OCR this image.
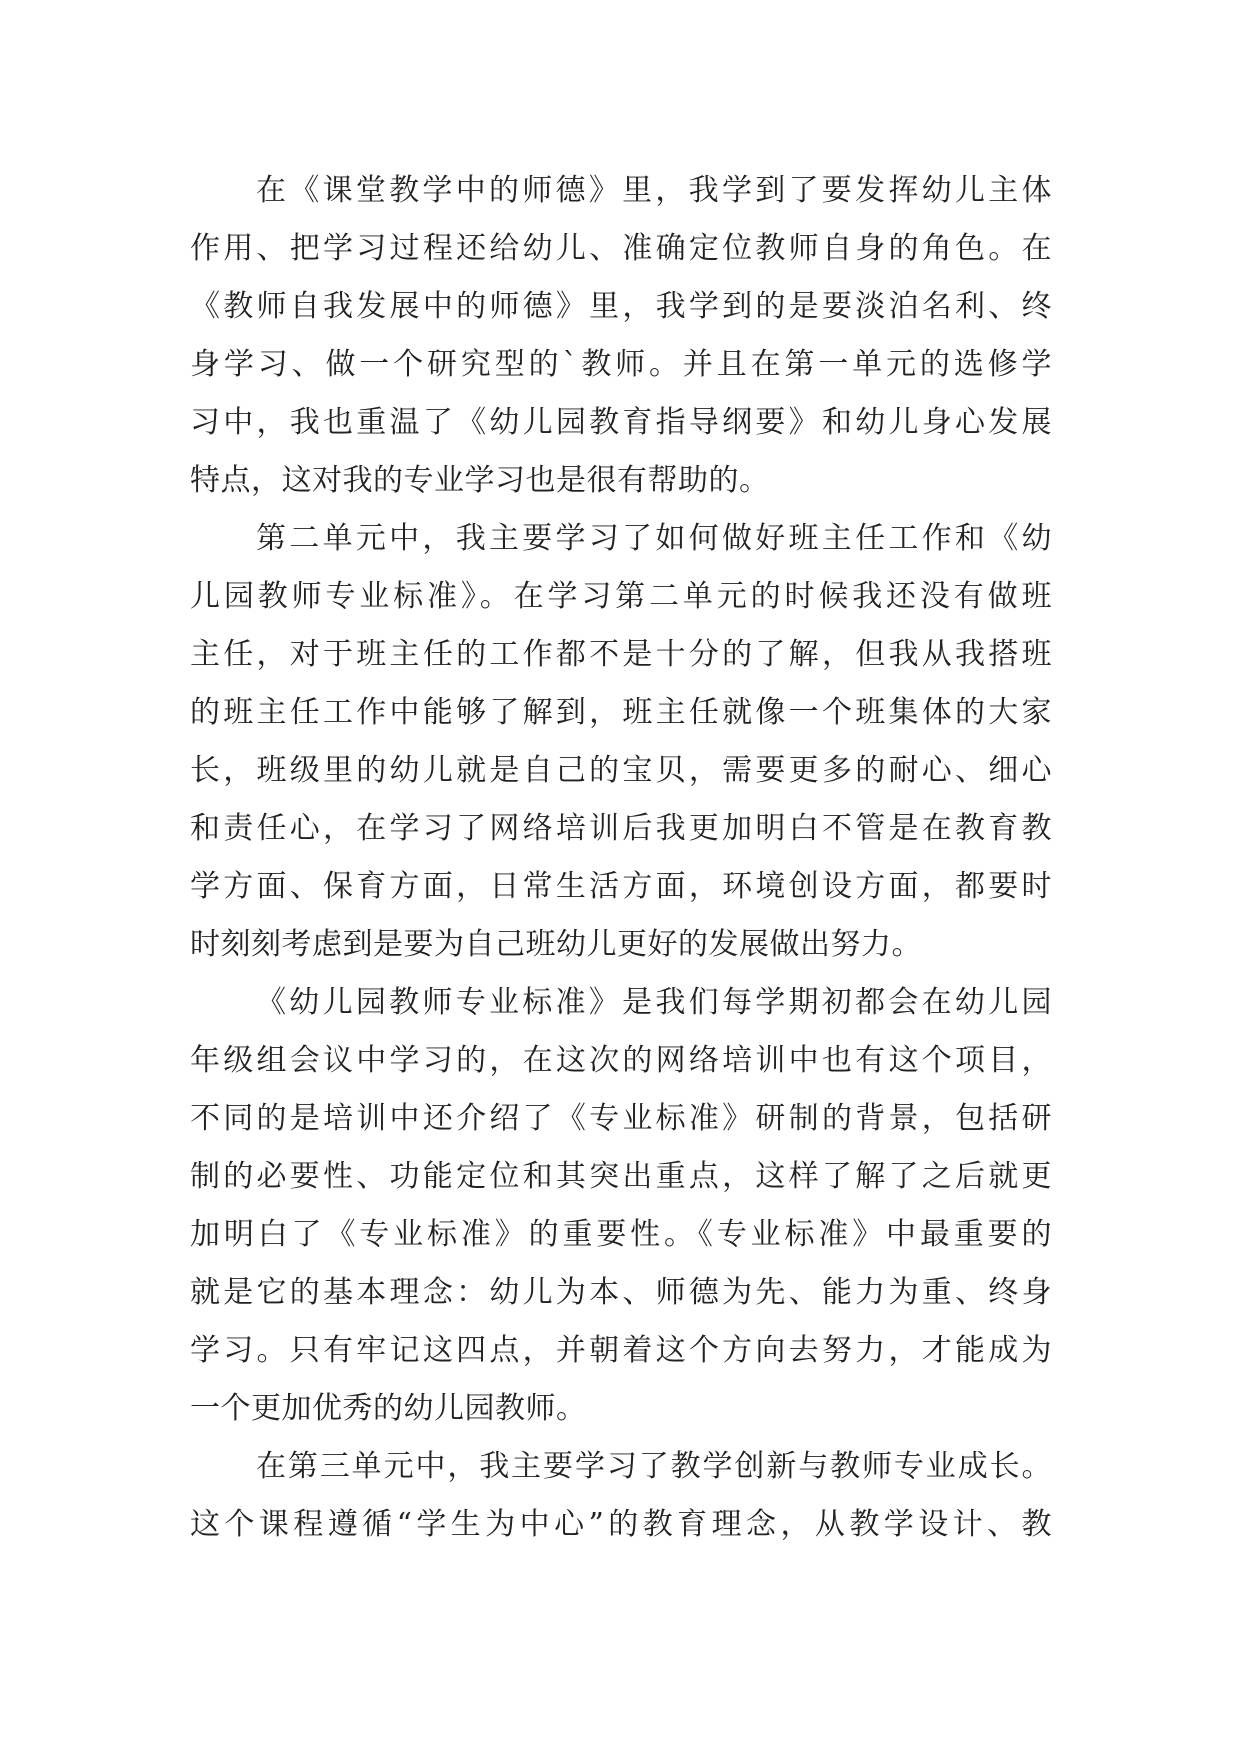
在《课堂教学中的师德》里，我学到了要发挥幼儿主体
作用、把学习过程还给幼儿、准确定位教师自身的角色。在
《教师自我发展中的师德》里，我学到的是要淡泊名利、终
身学习、做一个研究型的`教师。并且在第一单元的选修学
习中，我也重温了《幼儿园教育指导纲要》和幼儿身心发展
特点，这对我的专业学习也是很有帮助的。
第二单元中，我主要学习了如何做好班主任工作和《幼
儿园教师专业标准》。在学习第二单元的时候我还没有做班
主任，对于班主任的工作都不是十分的了解，但我从我搭班
的班主任工作中能够了解到，班主任就像一个班集体的大家
长，班级里的幼儿就是自己的宝贝，需要更多的耐心、细心
和责任心，在学习了网络培训后我更加明白不管是在教育教
学方面、保育方面，日常生活方面，环境创设方面，都要时
时刻刻考虑到是要为自己班幼儿更好的发展做出努力。
《幼儿园教师专业标准》是我们每学期初都会在幼儿园
年级组会议中学习的，在这次的网络培训中也有这个项目，
不同的是培训中还介绍了《专业标准》研制的背景，包括研
制的必要性、功能定位和其突出重点，这样了解了之后就更
加明白了《专业标准》的重要性。《专业标准》中最重要的
就是它的基本理念：幼儿为本、师德为先、能力为重、终身
学习。只有牢记这四点，并朝着这个方向去努力，才能成为
一个更加优秀的幼儿园教师。
在第三单元中，我主要学习了教学创新与教师专业成长。
这个课程遵循“学生为中心”的教育理念，从教学设计、教
